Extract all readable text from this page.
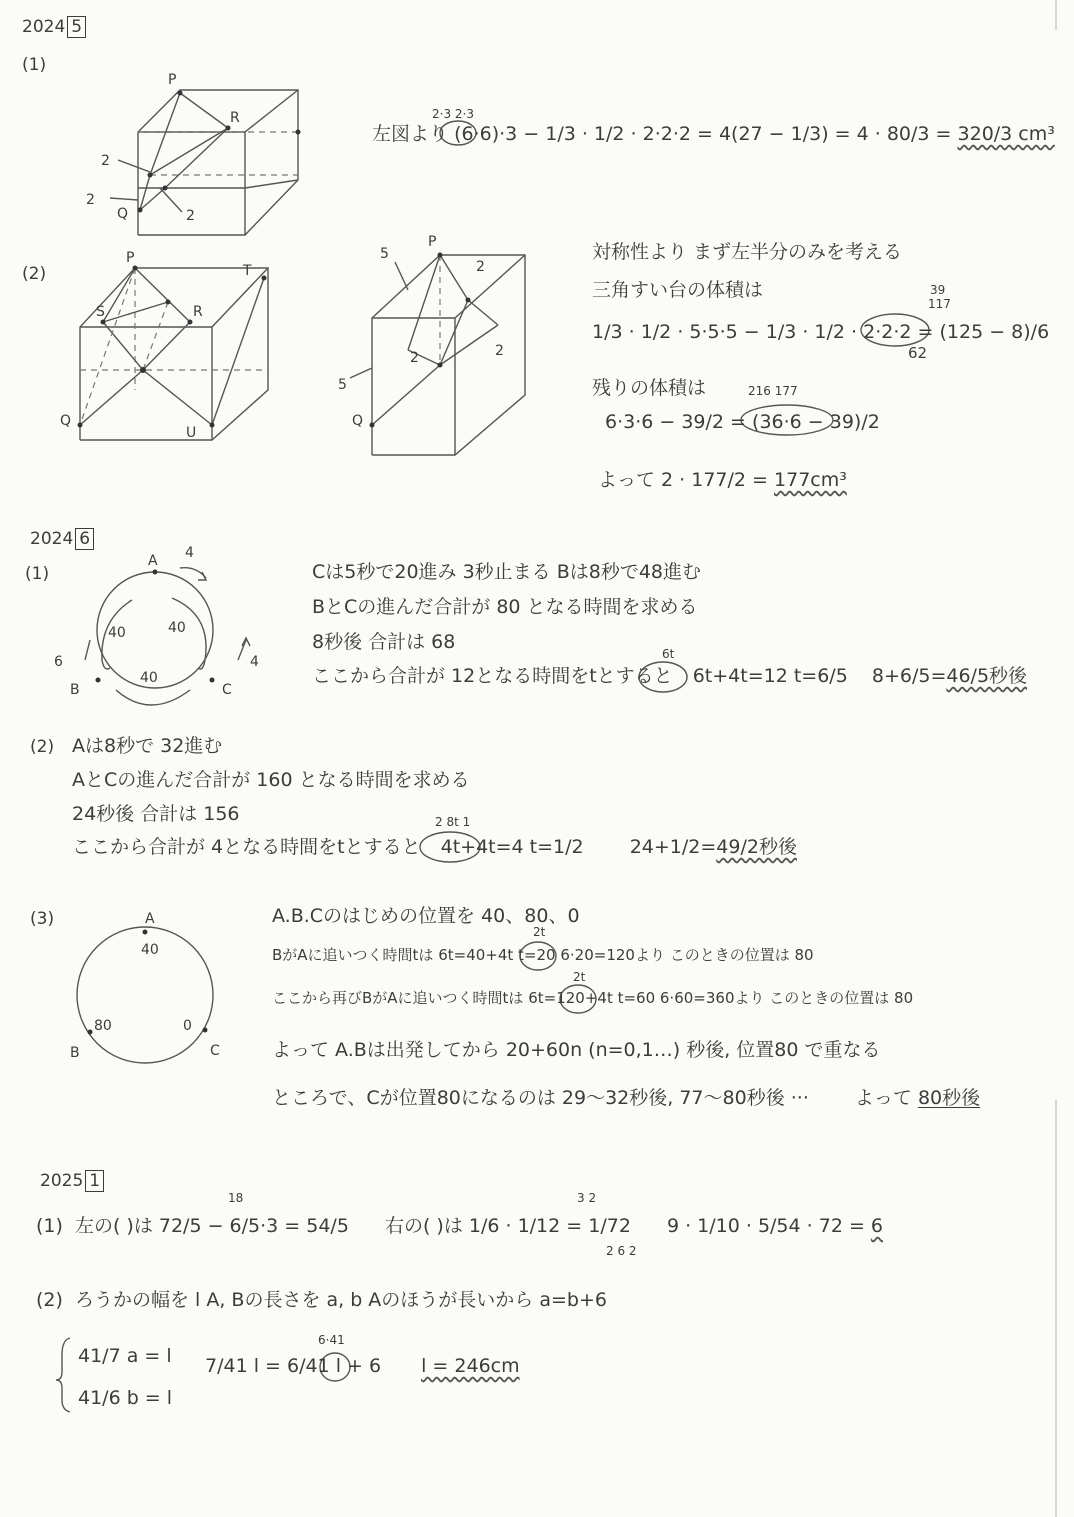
2024 5
(1)
P
R
Q
2
2
2
P
T
S	R
Q
U
P
Q
5
5
2
2	2
A
B	C
40	40
40
4
6	4
A
B	C
40
80	0
2·3 2·3
左図より (6·6)·3 − 1/3 · 1/2 · 2·2·2 = 4(27 − 1/3) = 4 · 80/3 = 320/3 cm³
(2)
対称性より まず左半分のみを考える
三角すい台の体積は	39
117
1/3 · 1/2 · 5·5·5 − 1/3 · 1/2 · 2·2·2 = (125 − 8)/6
62
残りの体積は	216 177
6·3·6 − 39/2 = (36·6 − 39)/2
よって 2 · 177/2 = 177cm³
2024 6
(1)	Cは5秒で20進み 3秒止まる Bは8秒で48進む
BとCの進んだ合計が 80 となる時間を求める
8秒後 合計は 68
6t
ここから合計が 12となる時間をtとすると 6t+4t=12 t=6/5 8+6/5=46/5秒後
(2) Aは8秒で 32進む
AとCの進んだ合計が 160 となる時間を求める
24秒後 合計は 156	2 8t 1
ここから合計が 4となる時間をtとすると 4t+4t=4 t=1/2 24+1/2=49/2秒後
(3)	A.B.Cのはじめの位置を 40、80、0
2t
BがAに追いつく時間tは 6t=40+4t t=20 6·20=120より このときの位置は 80
2t
ここから再びBがAに追いつく時間tは 6t=120+4t t=60 6·60=360より このときの位置は 80
よって A.Bは出発してから 20+60n (n=0,1…) 秒後, 位置80 で重なる
ところで、Cが位置80になるのは 29～32秒後, 77～80秒後 ··· よって 80秒後
2025 1
18	3 2
(1) 左の( )は 72/5 − 6/5·3 = 54/5 右の( )は 1/6 · 1/12 = 1/72 9 · 1/10 · 5/54 · 72 = 6
2 6 2
(2) ろうかの幅を l A, Bの長さを a, b Aのほうが長いから a=b+6
41/7 a = l
41/6 b = l
6·41
7/41 l = 6/41 l + 6 l = 246cm
